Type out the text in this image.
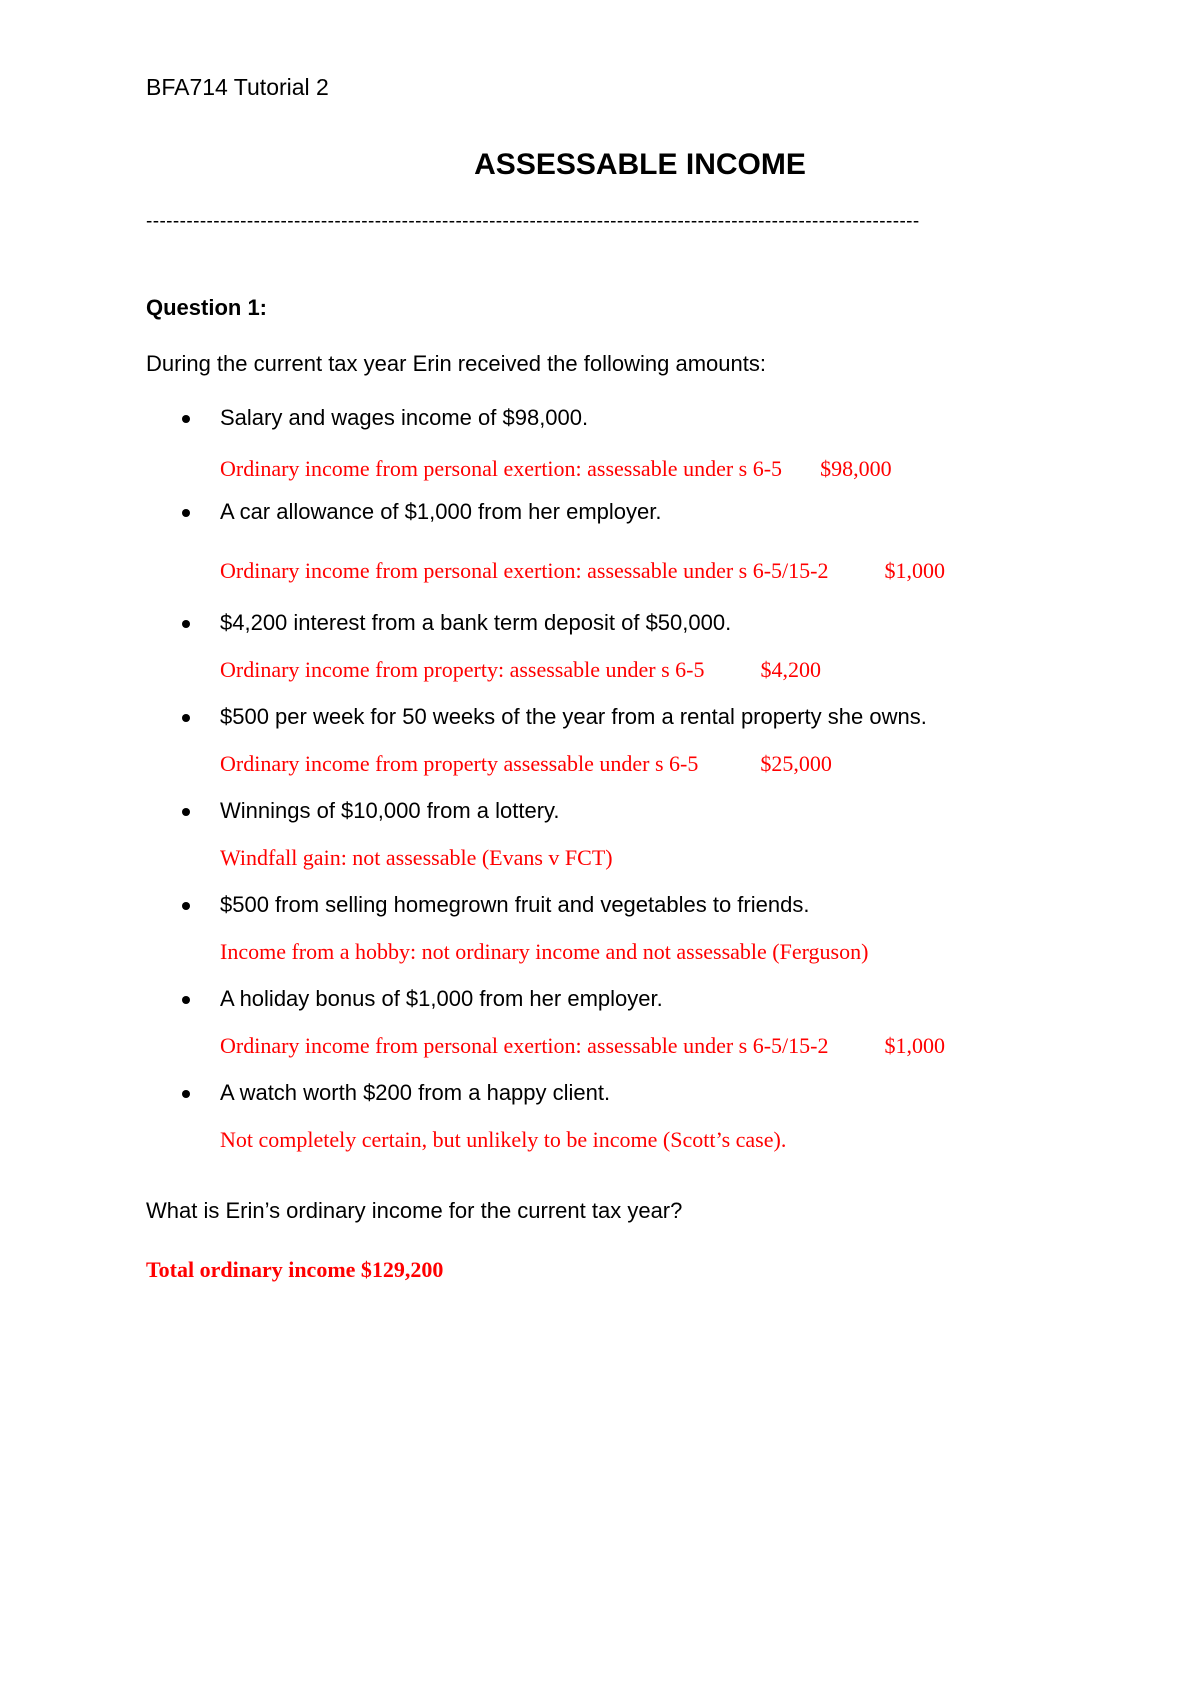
BFA714 Tutorial 2
ASSESSABLE INCOME
-------------------------------------------------------------------------------------------------------------------
Question 1:
During the current tax year Erin received the following amounts:
Salary and wages income of $98,000.
Ordinary income from personal exertion: assessable under s 6-5 $98,000
A car allowance of $1,000 from her employer.
Ordinary income from personal exertion: assessable under s 6-5/15-2	$1,000
$4,200 interest from a bank term deposit of $50,000.
Ordinary income from property: assessable under s 6-5	$4,200
$500 per week for 50 weeks of the year from a rental property she owns.
Ordinary income from property assessable under s 6-5	$25,000
Winnings of $10,000 from a lottery.
Windfall gain: not assessable (Evans v FCT)
$500 from selling homegrown fruit and vegetables to friends.
Income from a hobby: not ordinary income and not assessable (Ferguson)
A holiday bonus of $1,000 from her employer.
Ordinary income from personal exertion: assessable under s 6-5/15-2	$1,000
A watch worth $200 from a happy client.
Not completely certain, but unlikely to be income (Scott’s case).
What is Erin’s ordinary income for the current tax year?
Total ordinary income $129,200
